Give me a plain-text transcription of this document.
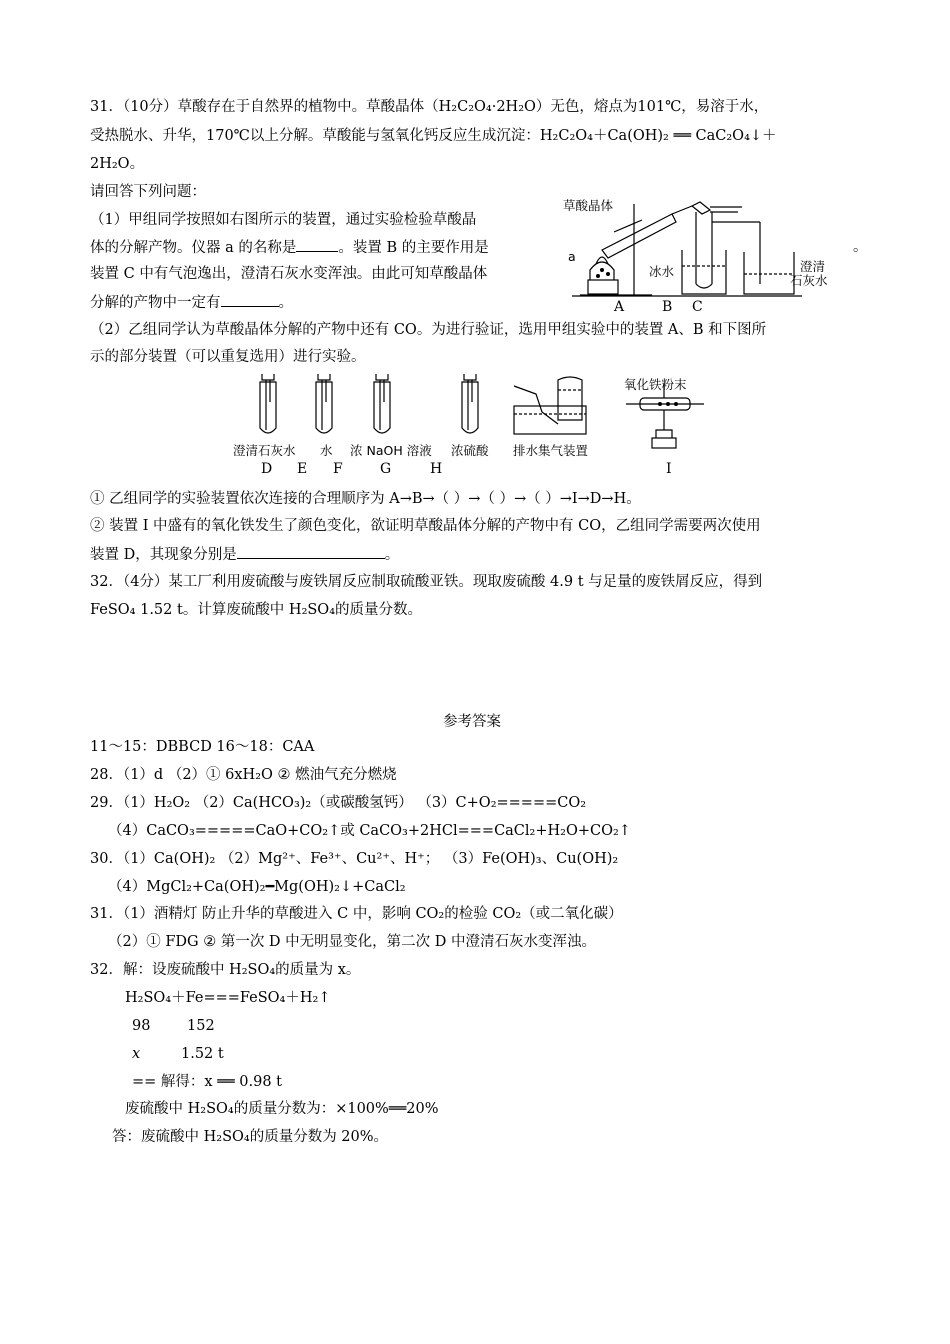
31．（10分）草酸存在于自然界的植物中。草酸晶体（H₂C₂O₄·2H₂O）无色，熔点为101℃，易溶于水，
受热脱水、升华，170℃以上分解。草酸能与氢氧化钙反应生成沉淀：H₂C₂O₄＋Ca(OH)₂ ══ CaC₂O₄↓＋
2H₂O。
请回答下列问题：
（1）甲组同学按照如右图所示的装置，通过实验检验草酸晶
体的分解产物。仪器 a 的名称是	。装置 B 的主要作用是
装置 C 中有气泡逸出，澄清石灰水变浑浊。由此可知草酸晶体
分解的产物中一定有	。
。
草酸晶体
a
冰水	澄清
石灰水
A	B C
（2）乙组同学认为草酸晶体分解的产物中还有 CO。为进行验证，选用甲组实验中的装置 A、B 和下图所
示的部分装置（可以重复选用）进行实验。
氧化铁粉末
澄清石灰水 水 浓 NaOH 溶液 浓硫酸 排水集气装置
D E F	G	H	I
① 乙组同学的实验装置依次连接的合理顺序为 A→B→（ ）→（ ）→（ ）→I→D→H。
② 装置 I 中盛有的氧化铁发生了颜色变化，欲证明草酸晶体分解的产物中有 CO，乙组同学需要两次使用
装置 D，其现象分别是	。
32．（4分）某工厂利用废硫酸与废铁屑反应制取硫酸亚铁。现取废硫酸 4.9 t 与足量的废铁屑反应，得到
FeSO₄ 1.52 t。计算废硫酸中 H₂SO₄的质量分数。
参考答案
11～15：DBBCD 16～18：CAA
28．（1）d （2）① 6xH₂O ② 燃油气充分燃烧
29．（1）H₂O₂ （2）Ca(HCO₃)₂（或碳酸氢钙） （3）C+O₂=====CO₂
（4）CaCO₃=====CaO+CO₂↑或 CaCO₃+2HCl===CaCl₂+H₂O+CO₂↑
30．（1）Ca(OH)₂ （2）Mg²⁺、Fe³⁺、Cu²⁺、H⁺； （3）Fe(OH)₃、Cu(OH)₂
（4）MgCl₂+Ca(OH)₂━Mg(OH)₂↓+CaCl₂
31．（1）酒精灯 防止升华的草酸进入 C 中，影响 CO₂的检验 CO₂（或二氧化碳）
（2）① FDG ② 第一次 D 中无明显变化，第二次 D 中澄清石灰水变浑浊。
32．解：设废硫酸中 H₂SO₄的质量为 x。
H₂SO₄＋Fe===FeSO₄＋H₂↑
98	152
x	1.52 t
== 解得：x ══ 0.98 t
废硫酸中 H₂SO₄的质量分数为：×100%══20%
答：废硫酸中 H₂SO₄的质量分数为 20%。
